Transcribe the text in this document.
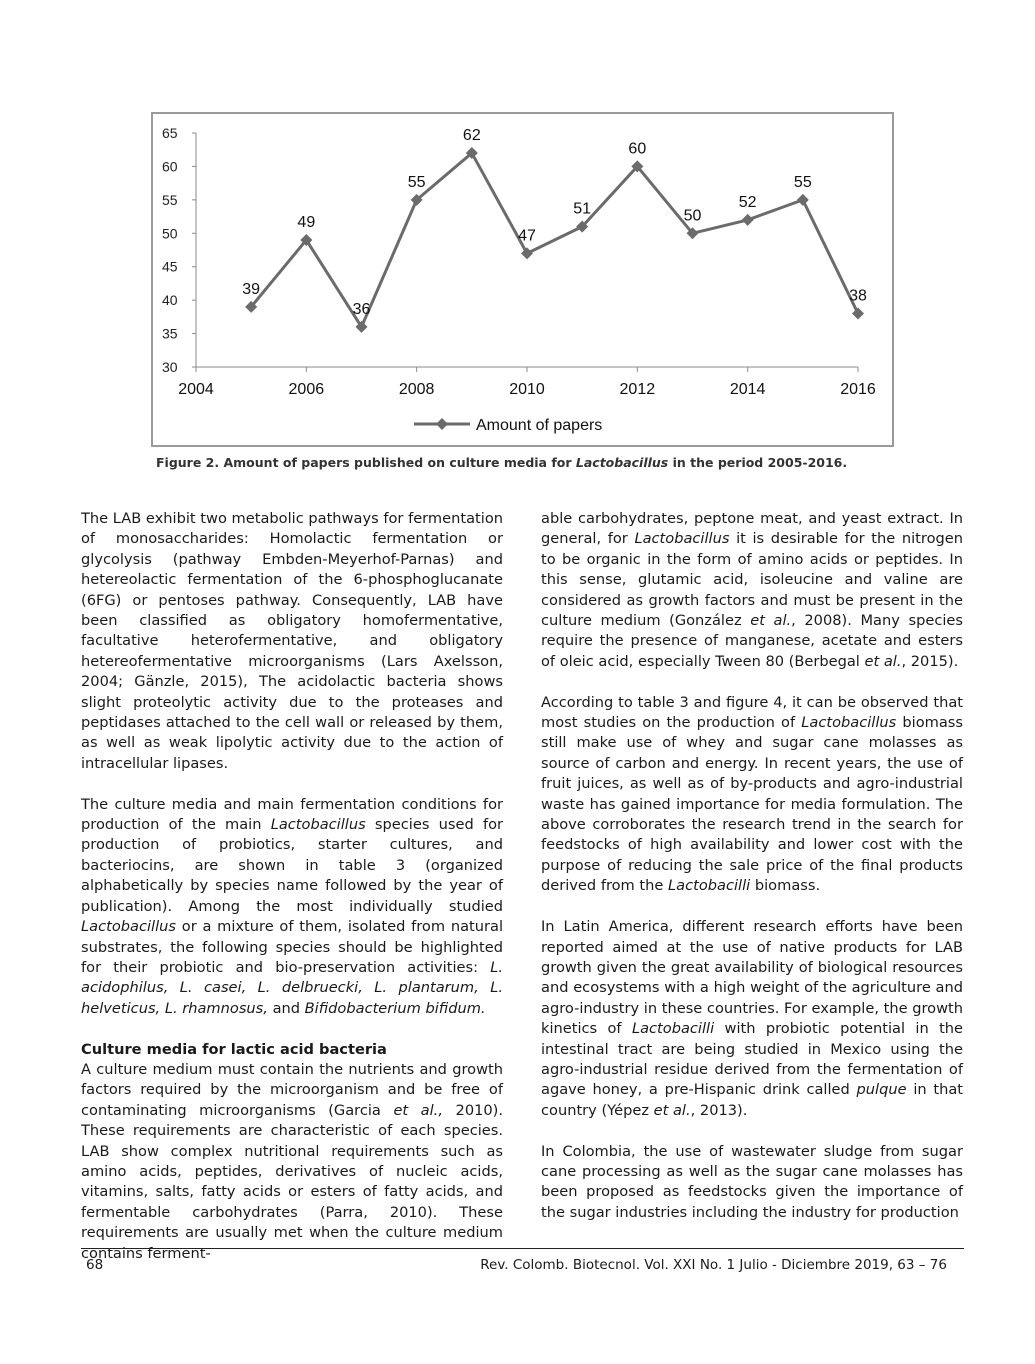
30
35
40
45
50
55
60
65
2004	2006	2008	2010	2012	2014	2016
39
49
36
55
62
47
51
60
50
52
55
38
Amount of papers
Figure 2. Amount of papers published on culture media for Lactobacillus in the period 2005-2016.

The LAB exhibit two metabolic pathways for fermentation of monosaccharides: Homolactic fermentation or glycolysis (pathway Embden-Meyerhof-Parnas) and hetereolactic fermentation of the 6-phosphoglucanate (6FG) or pentoses pathway. Consequently, LAB have been classified as obligatory homofermentative, facultative heterofermentative, and obligatory hetereofermentative microorganisms (Lars Axelsson, 2004; Gänzle, 2015), The acidolactic bacteria shows slight proteolytic activity due to the proteases and peptidases attached to the cell wall or released by them, as well as weak lipolytic activity due to the action of intracellular lipases.

The culture media and main fermentation conditions for production of the main Lactobacillus species used for production of probiotics, starter cultures, and bacteriocins, are shown in table 3 (organized alphabetically by species name followed by the year of publication). Among the most individually studied Lactobacillus or a mixture of them, isolated from natural substrates, the following species should be highlighted for their probiotic and bio-preservation activities: L. acidophilus, L. casei, L. delbruecki, L. plantarum, L. helveticus, L. rhamnosus, and Bifidobacterium bifidum.

Culture media for lactic acid bacteria

A culture medium must contain the nutrients and growth factors required by the microorganism and be free of contaminating microorganisms (Garcia et al., 2010). These requirements are characteristic of each species. LAB show complex nutritional requirements such as amino acids, peptides, derivatives of nucleic acids, vitamins, salts, fatty acids or esters of fatty acids, and fermentable carbohydrates (Parra, 2010). These requirements are usually met when the culture medium contains ferment-

able carbohydrates, peptone meat, and yeast extract. In general, for Lactobacillus it is desirable for the nitrogen to be organic in the form of amino acids or peptides. In this sense, glutamic acid, isoleucine and valine are considered as growth factors and must be present in the culture medium (González et al., 2008). Many species require the presence of manganese, acetate and esters of oleic acid, especially Tween 80 (Berbegal et al., 2015).

According to table 3 and figure 4, it can be observed that most studies on the production of Lactobacillus biomass still make use of whey and sugar cane molasses as source of carbon and energy. In recent years, the use of fruit juices, as well as of by-products and agro-industrial waste has gained importance for media formulation. The above corroborates the research trend in the search for feedstocks of high availability and lower cost with the purpose of reducing the sale price of the final products derived from the Lactobacilli biomass.

In Latin America, different research efforts have been reported aimed at the use of native products for LAB growth given the great availability of biological resources and ecosystems with a high weight of the agriculture and agro-industry in these countries. For example, the growth kinetics of Lactobacilli with probiotic potential in the intestinal tract are being studied in Mexico using the agro-industrial residue derived from the fermentation of agave honey, a pre-Hispanic drink called pulque in that country (Yépez et al., 2013).

In Colombia, the use of wastewater sludge from sugar cane processing as well as the sugar cane molasses has been proposed as feedstocks given the importance of the sugar industries including the industry for production

68	Rev. Colomb. Biotecnol. Vol. XXI No. 1 Julio - Diciembre 2019, 63 – 76
